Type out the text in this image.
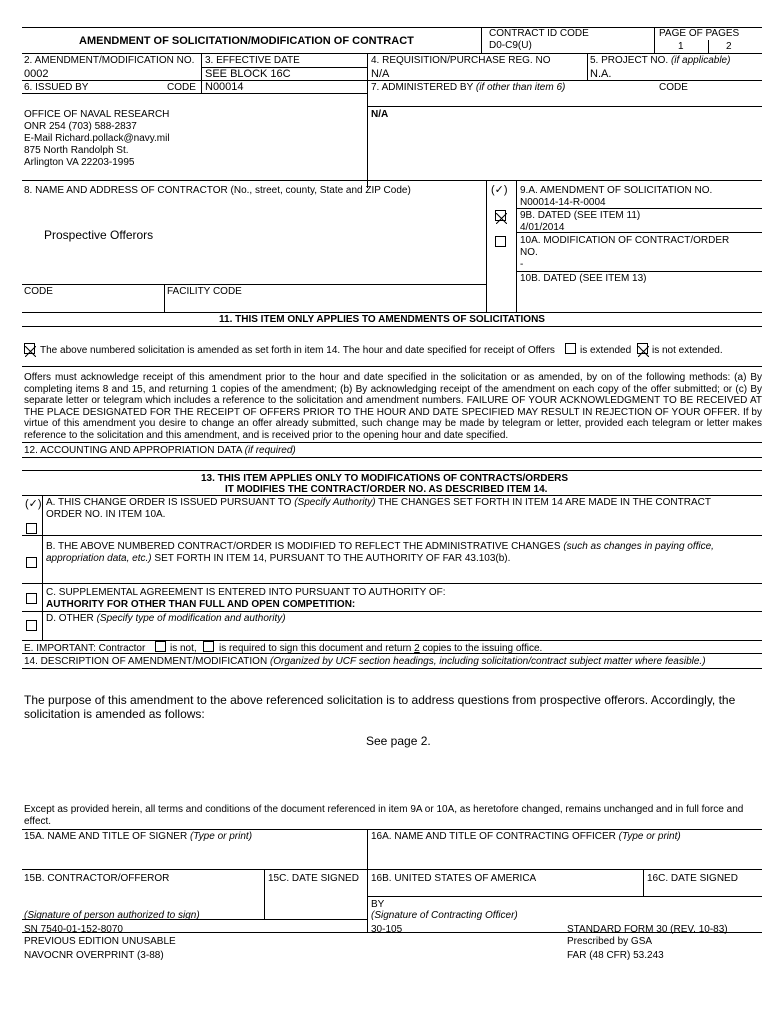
AMENDMENT OF SOLICITATION/MODIFICATION OF CONTRACT
CONTRACT ID CODE
D0-C9(U)
PAGE OF PAGES
1	2
2. AMENDMENT/MODIFICATION NO.
0002
3. EFFECTIVE DATE
SEE BLOCK 16C
4. REQUISITION/PURCHASE REG. NO
N/A
5. PROJECT NO. (if applicable)
N.A.
6. ISSUED BY	CODE N00014	7. ADMINISTERED BY (if other than item 6)	CODE
N/A
OFFICE OF NAVAL RESEARCH
ONR 254 (703) 588-2837
E-Mail Richard.pollack@navy.mil
875 North Randolph St.
Arlington VA 22203-1995
8. NAME AND ADDRESS OF CONTRACTOR (No., street, county, State and ZIP Code)
Prospective Offerors
CODE	FACILITY CODE
(✓) 9.A. AMENDMENT OF SOLICITATION NO.
N00014-14-R-0004
9B. DATED (SEE ITEM 11)
4/01/2014
10A. MODIFICATION OF CONTRACT/ORDER
NO.
-
10B. DATED (SEE ITEM 13)
11. THIS ITEM ONLY APPLIES TO AMENDMENTS OF SOLICITATIONS
The above numbered solicitation is amended as set forth in item 14. The hour and date specified for receipt of Offers	is extended is not extended.
Offers must acknowledge receipt of this amendment prior to the hour and date specified in the solicitation or as amended, by on of the following methods: (a) By completing items 8 and 15, and returning 1 copies of the amendment; (b) By acknowledging receipt of the amendment on each copy of the offer submitted; or (c) By separate letter or telegram which includes a reference to the solicitation and amendment numbers. FAILURE OF YOUR ACKNOWLEDGMENT TO BE RECEIVED AT THE PLACE DESIGNATED FOR THE RECEIPT OF OFFERS PRIOR TO THE HOUR AND DATE SPECIFIED MAY RESULT IN REJECTION OF YOUR OFFER. If by virtue of this amendment you desire to change an offer already submitted, such change may be made by telegram or letter, provided each telegram or letter makes reference to the solicitation and this amendment, and is received prior to the opening hour and date specified.
12. ACCOUNTING AND APPROPRIATION DATA (if required)
13. THIS ITEM APPLIES ONLY TO MODIFICATIONS OF CONTRACTS/ORDERS
IT MODIFIES THE CONTRACT/ORDER NO. AS DESCRIBED ITEM 14.
(✓) A. THIS CHANGE ORDER IS ISSUED PURSUANT TO (Specify Authority) THE CHANGES SET FORTH IN ITEM 14 ARE MADE IN THE CONTRACT
ORDER NO. IN ITEM 10A.
B. THE ABOVE NUMBERED CONTRACT/ORDER IS MODIFIED TO REFLECT THE ADMINISTRATIVE CHANGES (such as changes in paying office,
appropriation data, etc.) SET FORTH IN ITEM 14, PURSUANT TO THE AUTHORITY OF FAR 43.103(b).
C. SUPPLEMENTAL AGREEMENT IS ENTERED INTO PURSUANT TO AUTHORITY OF:
AUTHORITY FOR OTHER THAN FULL AND OPEN COMPETITION:
D. OTHER (Specify type of modification and authority)
E. IMPORTANT: Contractor is not, is required to sign this document and return 2 copies to the issuing office.
14. DESCRIPTION OF AMENDMENT/MODIFICATION (Organized by UCF section headings, including solicitation/contract subject matter where feasible.)
The purpose of this amendment to the above referenced solicitation is to address questions from prospective offerors. Accordingly, the
solicitation is amended as follows:
See page 2.
Except as provided herein, all terms and conditions of the document referenced in item 9A or 10A, as heretofore changed, remains unchanged and in full force and
effect.
15A. NAME AND TITLE OF SIGNER (Type or print)	16A. NAME AND TITLE OF CONTRACTING OFFICER (Type or print)
15B. CONTRACTOR/OFFEROR	15C. DATE SIGNED 16B. UNITED STATES OF AMERICA	16C. DATE SIGNED
BY
(Signature of person authorized to sign)	(Signature of Contracting Officer)
SN 7540-01-152-8070
PREVIOUS EDITION UNUSABLE
NAVOCNR OVERPRINT (3-88)
30-105	STANDARD FORM 30 (REV. 10-83)
Prescribed by GSA
FAR (48 CFR) 53.243
